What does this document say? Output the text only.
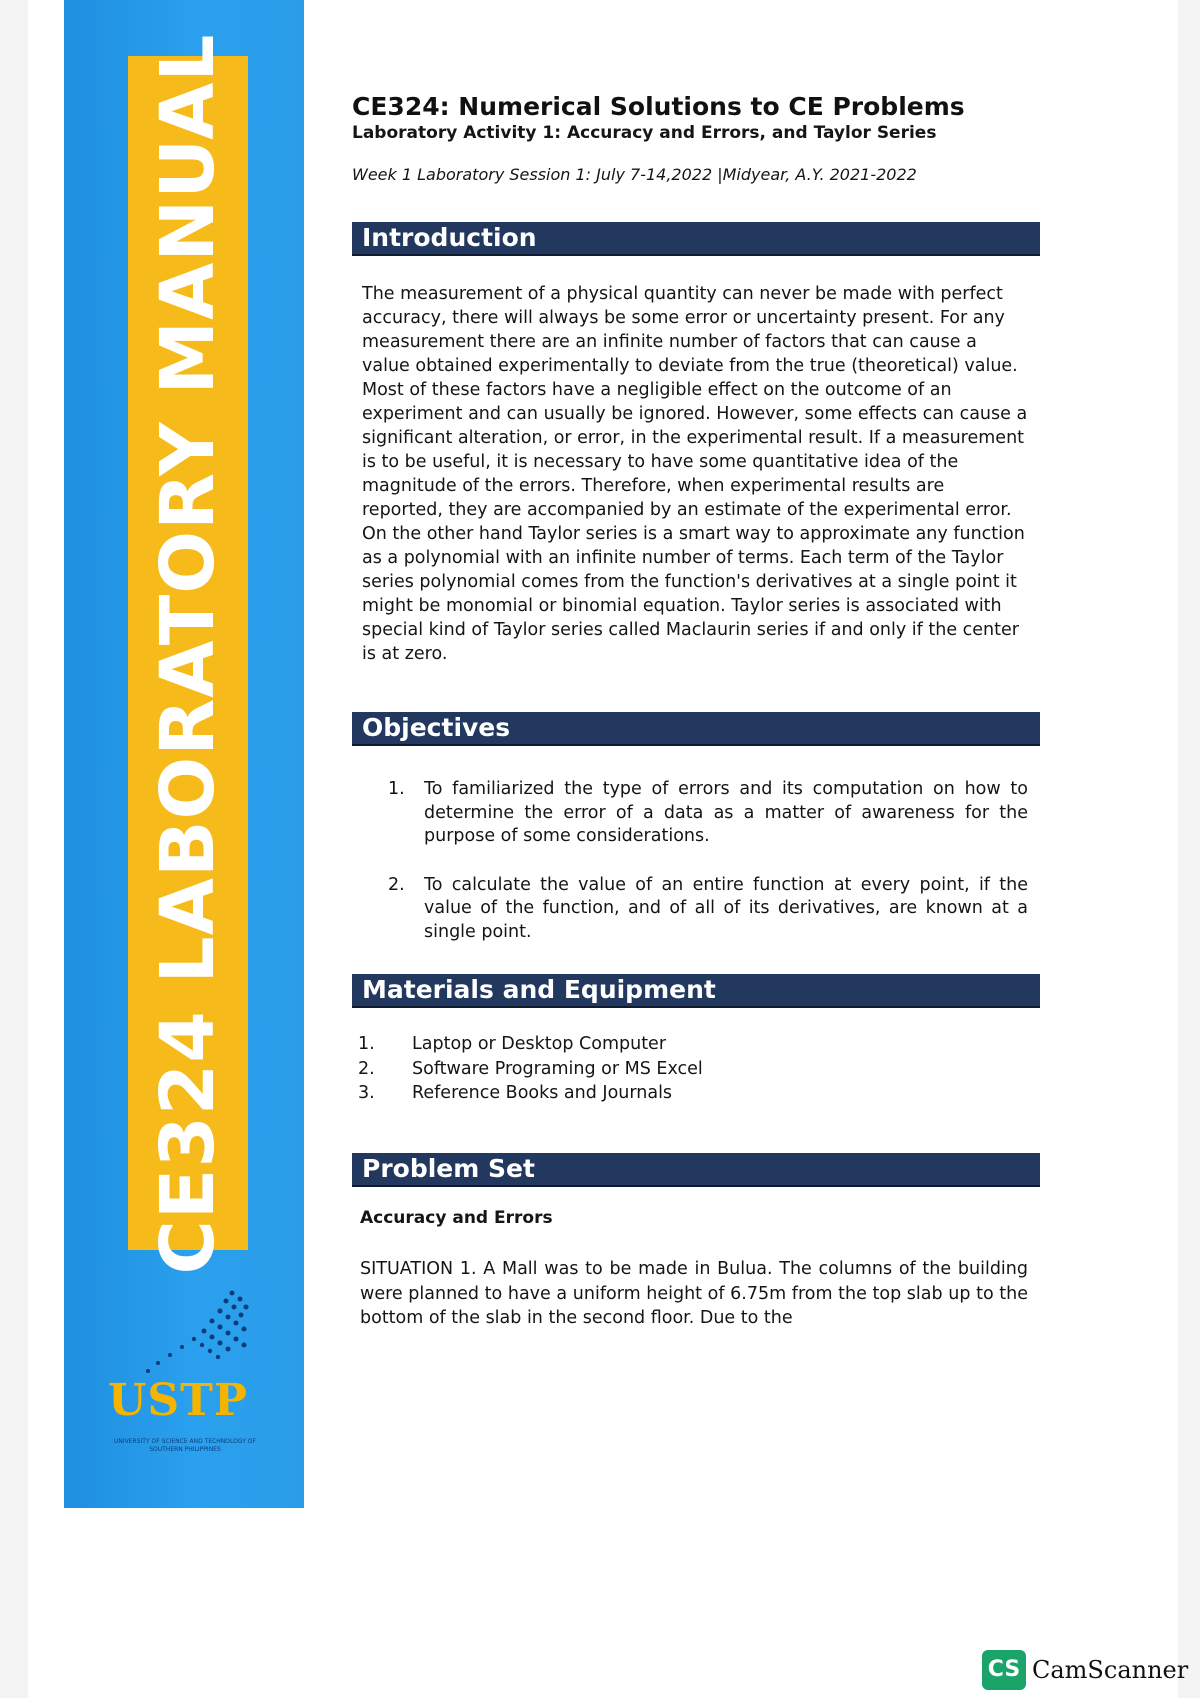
CE324 LABORATORY MANUAL
USTP
UNIVERSITY OF SCIENCE AND TECHNOLOGY OF SOUTHERN PHILIPPINES
CE324: Numerical Solutions to CE Problems

Laboratory Activity 1: Accuracy and Errors, and Taylor Series

Week 1 Laboratory Session 1: July 7-14,2022 |Midyear, A.Y. 2021-2022

Introduction

The measurement of a physical quantity can never be made with perfect accuracy, there will always be some error or uncertainty present. For any measurement there are an infinite number of factors that can cause a value obtained experimentally to deviate from the true (theoretical) value. Most of these factors have a negligible effect on the outcome of an experiment and can usually be ignored. However, some effects can cause a significant alteration, or error, in the experimental result. If a measurement is to be useful, it is necessary to have some quantitative idea of the magnitude of the errors. Therefore, when experimental results are reported, they are accompanied by an estimate of the experimental error. On the other hand Taylor series is a smart way to approximate any function as a polynomial with an infinite number of terms. Each term of the Taylor series polynomial comes from the function's derivatives at a single point it might be monomial or binomial equation. Taylor series is associated with special kind of Taylor series called Maclaurin series if and only if the center is at zero.

Objectives
1. To familiarized the type of errors and its computation on how to determine the error of a data as a matter of awareness for the purpose of some considerations.
2. To calculate the value of an entire function at every point, if the value of the function, and of all of its derivatives, are known at a single point.
Materials and Equipment
1. Laptop or Desktop Computer
2. Software Programing or MS Excel
3. Reference Books and Journals
Problem Set
Accuracy and Errors

SITUATION 1. A Mall was to be made in Bulua. The columns of the building were planned to have a uniform height of 6.75m from the top slab up to the bottom of the slab in the second floor. Due to the

CS CamScanner
